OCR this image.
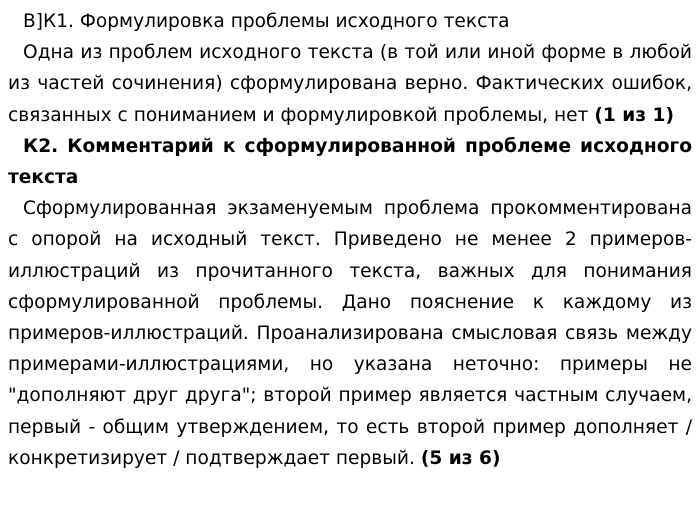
В]К1. Формулировка проблемы исходного текста

Одна из проблем исходного текста (в той или иной форме в любой из частей сочинения) сформулирована верно. Фактических ошибок, связанных с пониманием и формулировкой проблемы, нет (1 из 1)

К2. Комментарий к сформулированной проблеме исходного текста

Сформулированная экзаменуемым проблема прокомментирована с опорой на исходный текст. Приведено не менее 2 примеров-иллюстраций из прочитанного текста, важных для понимания сформулированной проблемы. Дано пояснение к каждому из примеров-иллюстраций. Проанализирована смысловая связь между примерами-иллюстрациями, но указана неточно: примеры не "дополняют друг друга"; второй пример является частным случаем, первый - общим утверждением, то есть второй пример дополняет / конкретизирует / подтверждает первый. (5 из 6)
